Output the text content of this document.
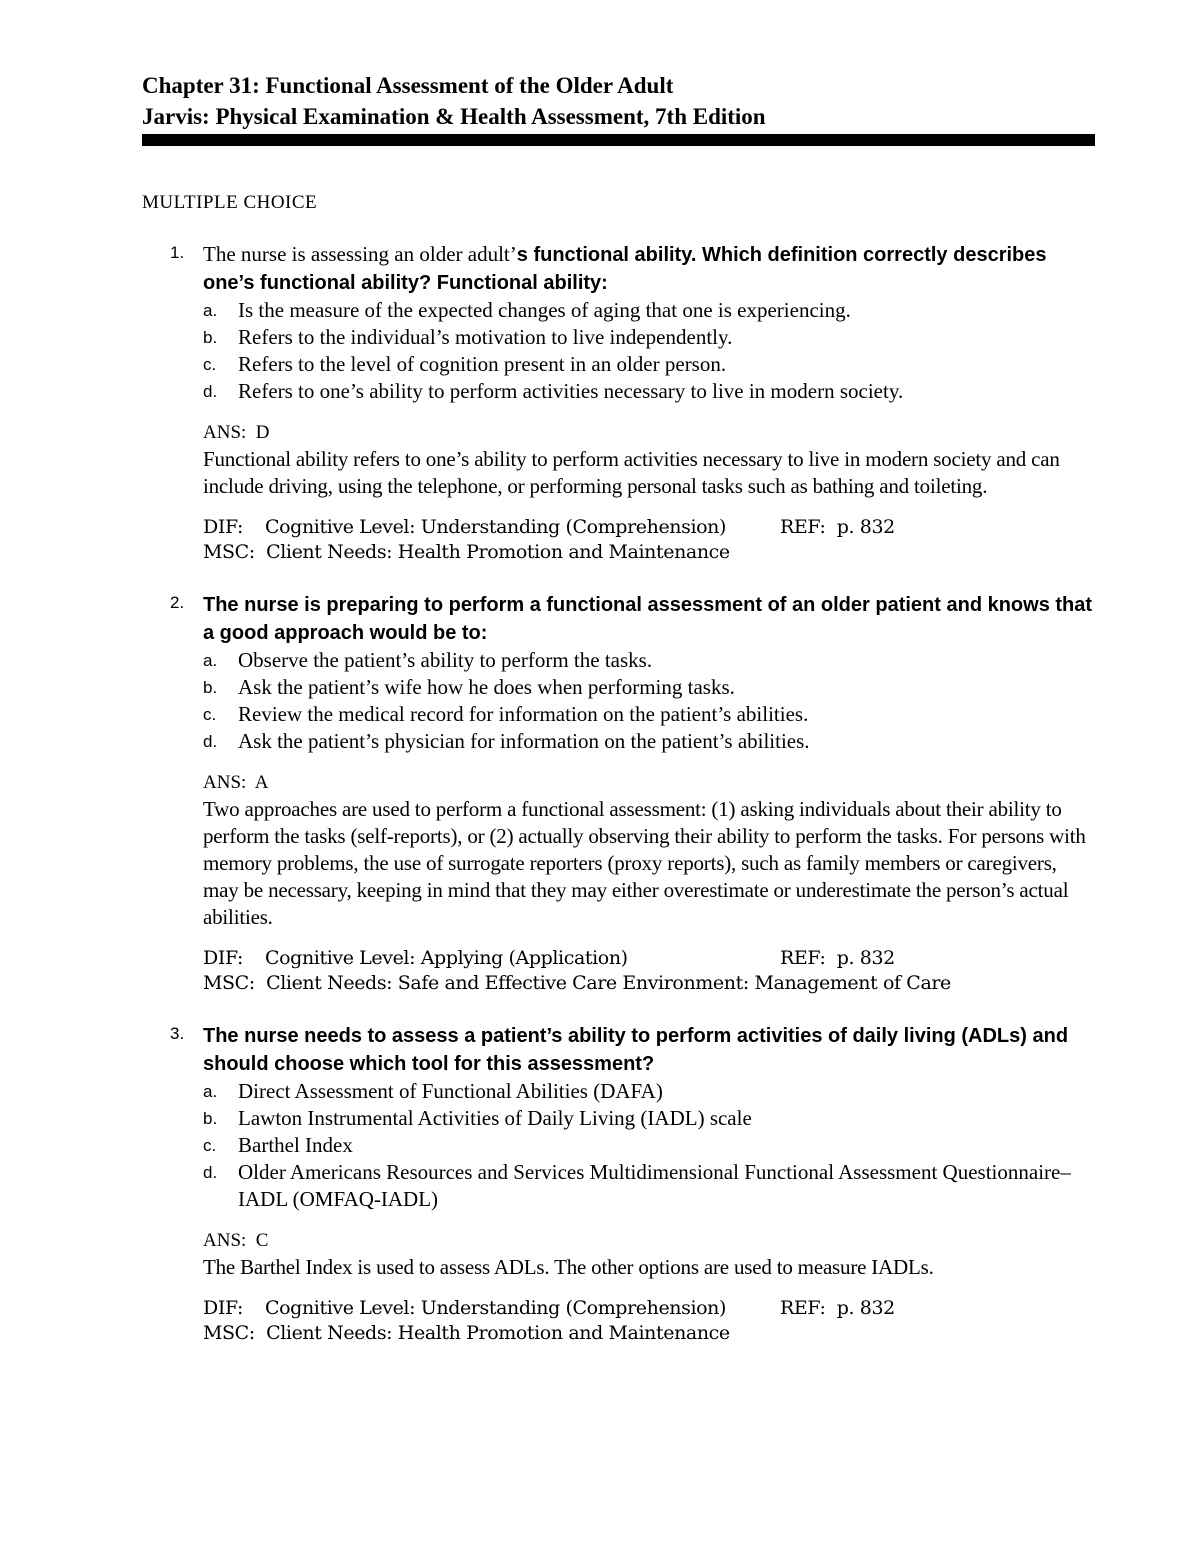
Chapter 31: Functional Assessment of the Older Adult
Jarvis: Physical Examination & Health Assessment, 7th Edition
MULTIPLE CHOICE
1. The nurse is assessing an older adult’s functional ability. Which definition correctly describes one’s functional ability? Functional ability:
a. Is the measure of the expected changes of aging that one is experiencing.
b. Refers to the individual’s motivation to live independently.
c. Refers to the level of cognition present in an older person.
d. Refers to one’s ability to perform activities necessary to live in modern society.
ANS: D
Functional ability refers to one’s ability to perform activities necessary to live in modern society and can include driving, using the telephone, or performing personal tasks such as bathing and toileting.
DIF: Cognitive Level: Understanding (Comprehension)	REF: p. 832
MSC: Client Needs: Health Promotion and Maintenance
2. The nurse is preparing to perform a functional assessment of an older patient and knows that a good approach would be to:
a. Observe the patient’s ability to perform the tasks.
b. Ask the patient’s wife how he does when performing tasks.
c. Review the medical record for information on the patient’s abilities.
d. Ask the patient’s physician for information on the patient’s abilities.
ANS: A
Two approaches are used to perform a functional assessment: (1) asking individuals about their ability to perform the tasks (self-reports), or (2) actually observing their ability to perform the tasks. For persons with memory problems, the use of surrogate reporters (proxy reports), such as family members or caregivers, may be necessary, keeping in mind that they may either overestimate or underestimate the person’s actual abilities.
DIF: Cognitive Level: Applying (Application)	REF: p. 832
MSC: Client Needs: Safe and Effective Care Environment: Management of Care
3. The nurse needs to assess a patient’s ability to perform activities of daily living (ADLs) and should choose which tool for this assessment?
a. Direct Assessment of Functional Abilities (DAFA)
b. Lawton Instrumental Activities of Daily Living (IADL) scale
c. Barthel Index
d. Older Americans Resources and Services Multidimensional Functional Assessment Questionnaire–IADL (OMFAQ-IADL)
ANS: C
The Barthel Index is used to assess ADLs. The other options are used to measure IADLs.
DIF: Cognitive Level: Understanding (Comprehension)	REF: p. 832
MSC: Client Needs: Health Promotion and Maintenance
